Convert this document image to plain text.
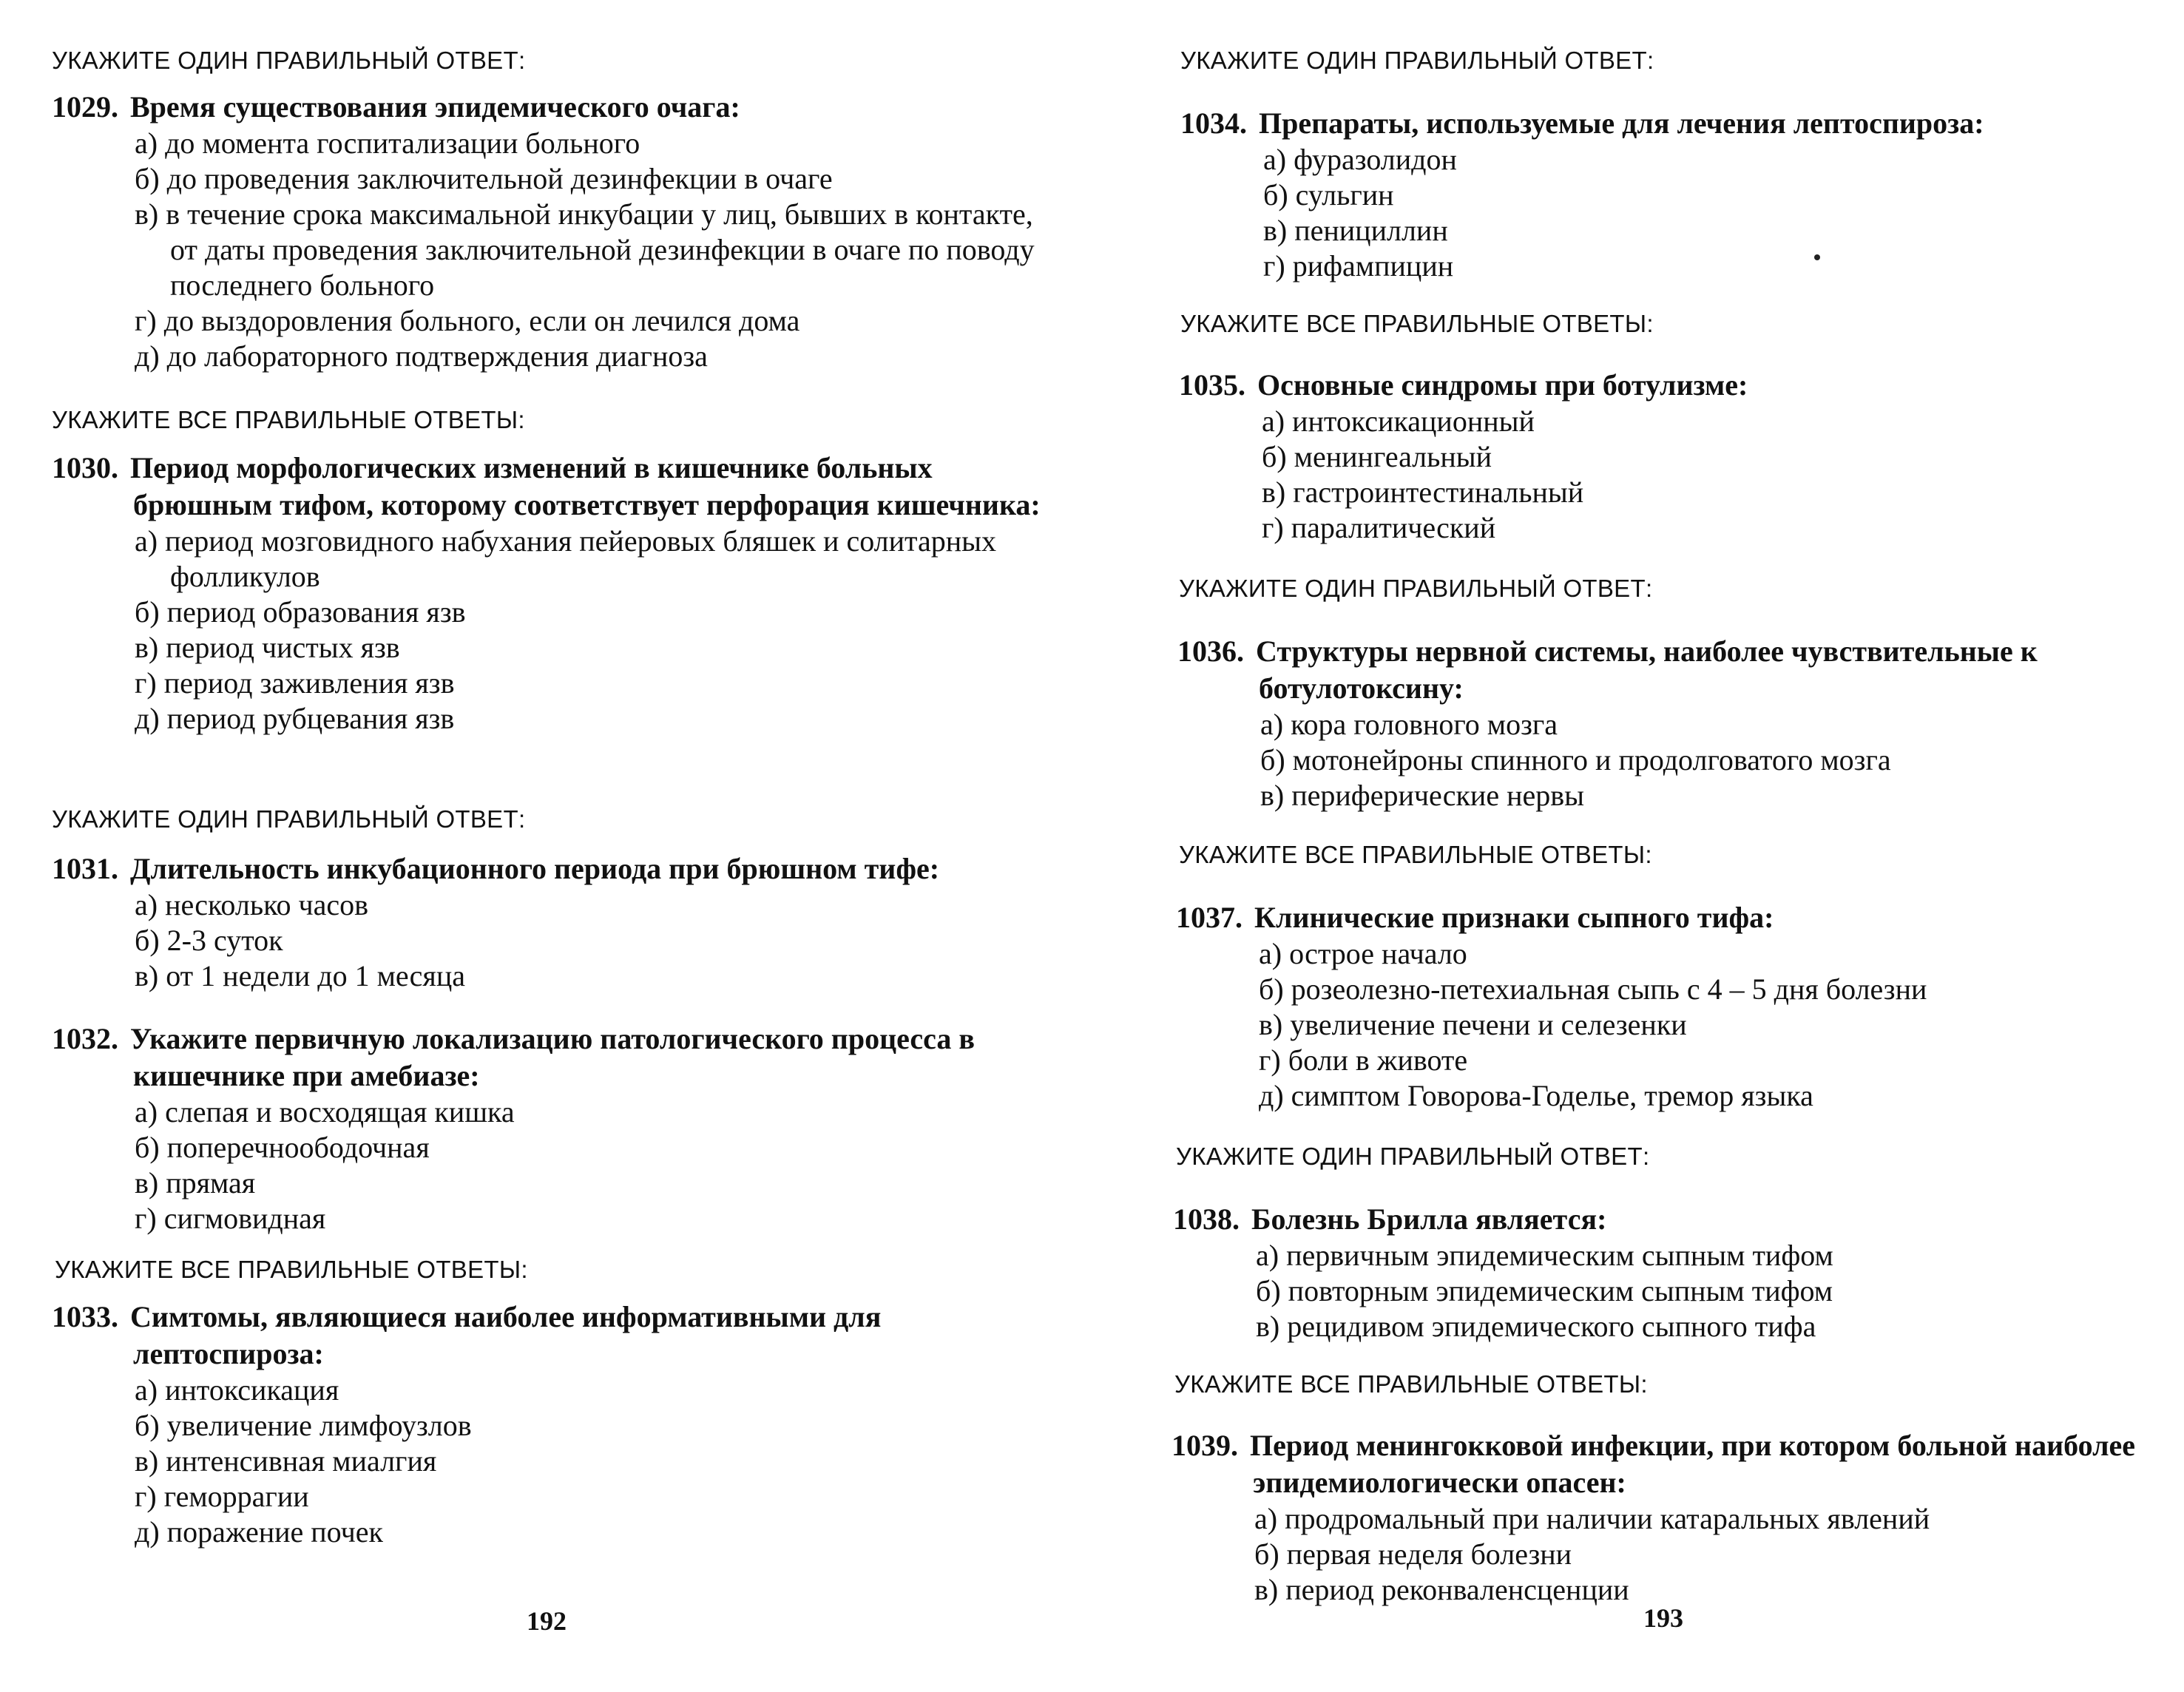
УКАЖИТЕ ОДИН ПРАВИЛЬНЫЙ ОТВЕТ:

1029. Время существования эпидемического очага:

а) до момента госпитализации больного
б) до проведения заключительной дезинфекции в очаге
в) в течение срока максимальной инкубации у лиц, бывших в контакте, от даты проведения заключительной дезинфекции в очаге по поводу последнего больного
г) до выздоровления больного, если он лечился дома
д) до лабораторного подтверждения диагноза
УКАЖИТЕ ВСЕ ПРАВИЛЬНЫЕ ОТВЕТЫ:

1030. Период морфологических изменений в кишечнике больных брюшным тифом, которому соответствует перфорация кишечника:

а) период мозговидного набухания пейеровых бляшек и солитарных фолликулов
б) период образования язв
в) период чистых язв
г) период заживления язв
д) период рубцевания язв
УКАЖИТЕ ОДИН ПРАВИЛЬНЫЙ ОТВЕТ:

1031. Длительность инкубационного периода при брюшном тифе:

а) несколько часов
б) 2-3 суток
в) от 1 недели до 1 месяца

1032. Укажите первичную локализацию патологического процесса в кишечнике при амебиазе:

а) слепая и восходящая кишка
б) поперечноободочная
в) прямая
г) сигмовидная
УКАЖИТЕ ВСЕ ПРАВИЛЬНЫЕ ОТВЕТЫ:

1033. Симтомы, являющиеся наиболее информативными для лептоспироза:

а) интоксикация
б) увеличение лимфоузлов
в) интенсивная миалгия
г) геморрагии
д) поражение почек
192
УКАЖИТЕ ОДИН ПРАВИЛЬНЫЙ ОТВЕТ:

1034. Препараты, используемые для лечения лептоспироза:

а) фуразолидон
б) сульгин
в) пенициллин
г) рифампицин
УКАЖИТЕ ВСЕ ПРАВИЛЬНЫЕ ОТВЕТЫ:

1035. Основные синдромы при ботулизме:

а) интоксикационный
б) менингеальный
в) гастроинтестинальный
г) паралитический
УКАЖИТЕ ОДИН ПРАВИЛЬНЫЙ ОТВЕТ:

1036. Структуры нервной системы, наиболее чувствительные к ботулотоксину:

а) кора головного мозга
б) мотонейроны спинного и продолговатого мозга
в) периферические нервы
УКАЖИТЕ ВСЕ ПРАВИЛЬНЫЕ ОТВЕТЫ:

1037. Клинические признаки сыпного тифа:

а) острое начало
б) розеолезно-петехиальная сыпь с 4 – 5 дня болезни
в) увеличение печени и селезенки
г) боли в животе
д) симптом Говорова-Годелье, тремор языка
УКАЖИТЕ ОДИН ПРАВИЛЬНЫЙ ОТВЕТ:

1038. Болезнь Брилла является:

а) первичным эпидемическим сыпным тифом
б) повторным эпидемическим сыпным тифом
в) рецидивом эпидемического сыпного тифа
УКАЖИТЕ ВСЕ ПРАВИЛЬНЫЕ ОТВЕТЫ:

1039. Период менингокковой инфекции, при котором больной наиболее эпидемиологически опасен:

а) продромальный при наличии катаральных явлений
б) первая неделя болезни
в) период реконваленсценции
193
